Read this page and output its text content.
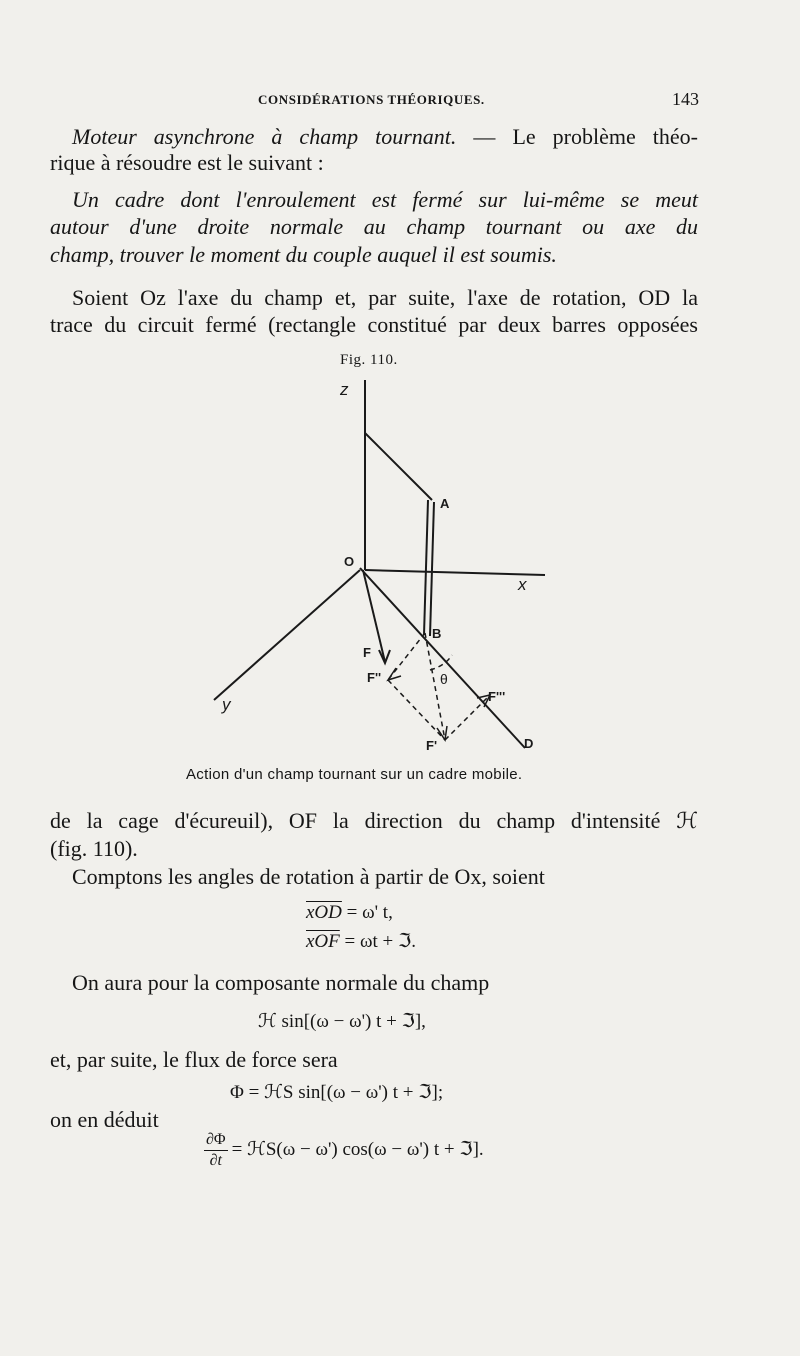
CONSIDÉRATIONS THÉORIQUES.	143
Moteur asynchrone à champ tournant. — Le problème théo-
rique à résoudre est le suivant :
Un cadre dont l'enroulement est fermé sur lui-même se meut
autour d'une droite normale au champ tournant ou axe du
champ, trouver le moment du couple auquel il est soumis.
Soient Oz l'axe du champ et, par suite, l'axe de rotation, OD la
trace du circuit fermé (rectangle constitué par deux barres opposées
Fig. 110.
z
x
y
O
A
B
F
F''
F'''
F'
θ
D
Action d'un champ tournant sur un cadre mobile.
de la cage d'écureuil), OF la direction du champ d'intensité ℋ
(fig. 110).
Comptons les angles de rotation à partir de Ox, soient
$\overline{xOD} = \omega'$ t,
$\overline{xOF} = \omega t$ + ℑ.
On aura pour la composante normale du champ
ℋ sin[(ω − ω') t + ℑ],
et, par suite, le flux de force sera
Φ = ℋS sin[(ω − ω') t + ℑ];
on en déduit
$\frac{\partial\Phi}{\partial t}$ = ℋS(ω − ω') cos(ω − ω') t + ℑ].
